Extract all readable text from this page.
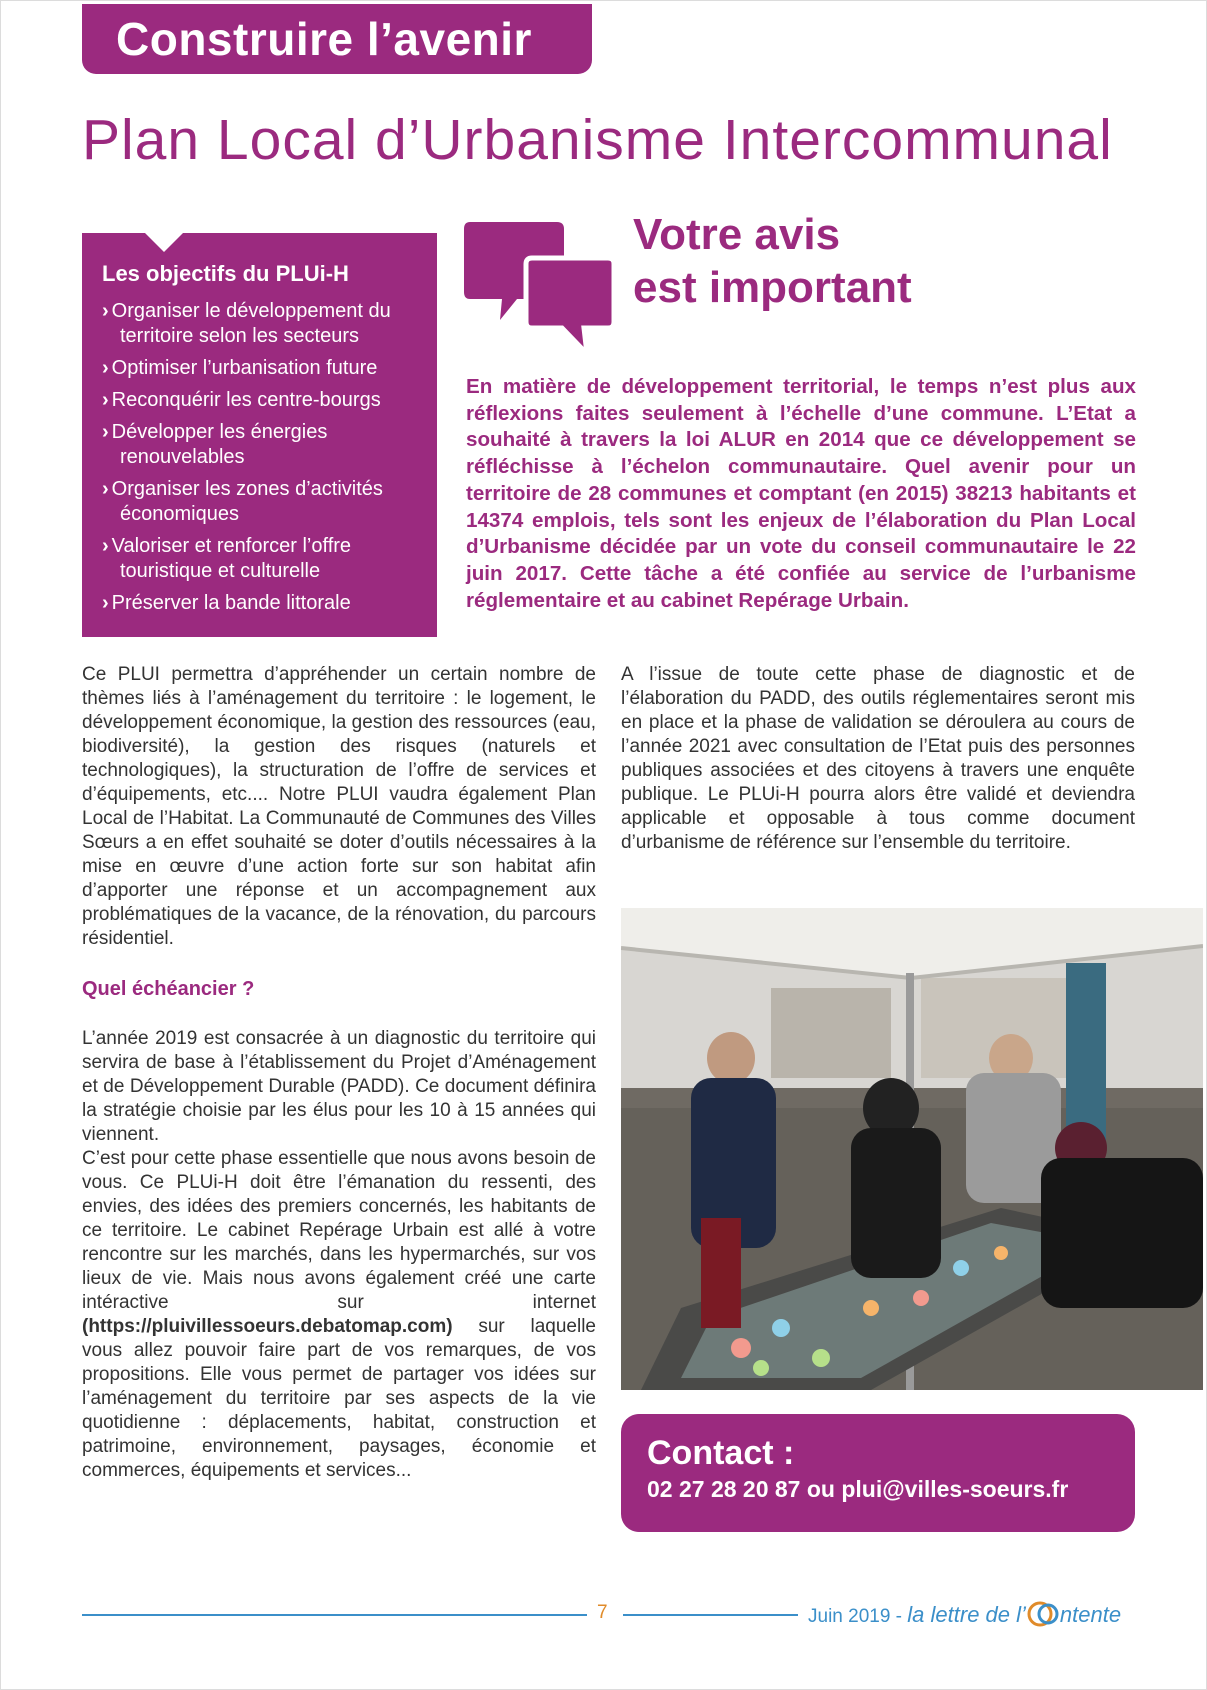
Construire l’avenir
Plan Local d’Urbanisme Intercommunal
Les objectifs du PLUi-H
› Organiser le développement du territoire selon les secteurs
› Optimiser l’urbanisation future
› Reconquérir les centre-bourgs
› Développer les énergies renouvelables
› Organiser les zones d’activités économiques
› Valoriser et renforcer l’offre touristique et culturelle
› Préserver la bande littorale
Votre avis
est important

En matière de développement territorial, le temps n’est plus aux réflexions faites seulement à l’échelle d’une commune. L’Etat a souhaité à travers la loi ALUR en 2014 que ce développement se réfléchisse à l’échelon communautaire. Quel avenir pour un territoire de 28 communes et comptant (en 2015) 38213 habitants et 14374 emplois, tels sont les enjeux de l’élaboration du Plan Local d’Urbanisme décidée par un vote du conseil communautaire le 22 juin 2017. Cette tâche a été confiée au service de l’urbanisme réglementaire et au cabinet Repérage Urbain.

Ce PLUI permettra d’appréhender un certain nombre de thèmes liés à l’aménagement du territoire : le logement, le développement économique, la gestion des ressources (eau, biodiversité), la gestion des risques (naturels et technologiques), la structuration de l’offre de services et d’équipements, etc.... Notre PLUI vaudra également Plan Local de l’Habitat. La Communauté de Communes des Villes Sœurs a en effet souhaité se doter d’outils nécessaires à la mise en œuvre d’une action forte sur son habitat afin d’apporter une réponse et un accompagnement aux problématiques de la vacance, de la rénovation, du parcours résidentiel.

Quel échéancier ?

L’année 2019 est consacrée à un diagnostic du territoire qui servira de base à l’établissement du Projet d’Aménagement et de Développement Durable (PADD). Ce document définira la stratégie choisie par les élus pour les 10 à 15 années qui viennent.

C’est pour cette phase essentielle que nous avons besoin de vous. Ce PLUi-H doit être l’émanation du ressenti, des envies, des idées des premiers concernés, les habitants de ce territoire. Le cabinet Repérage Urbain est allé à votre rencontre sur les marchés, dans les hypermarchés, sur vos lieux de vie. Mais nous avons également créé une carte intéractive sur internet (https://pluivillessoeurs.debatomap.com) sur laquelle vous allez pouvoir faire part de vos remarques, de vos propositions. Elle vous permet de partager vos idées sur l’aménagement du territoire par ses aspects de la vie quotidienne : déplacements, habitat, construction et patrimoine, environnement, paysages, économie et commerces, équipements et services...

A l’issue de toute cette phase de diagnostic et de l’élaboration du PADD, des outils réglementaires seront mis en place et la phase de validation se déroulera au cours de l’année 2021 avec consultation de l’Etat puis des personnes publiques associées et des citoyens à travers une enquête publique. Le PLUi-H pourra alors être validé et deviendra applicable et opposable à tous comme document d’urbanisme de référence sur l’ensemble du territoire.

Contact :
02 27 28 20 87 ou plui@villes-soeurs.fr
7	Juin 2019 - la lettre de l’ ntente
